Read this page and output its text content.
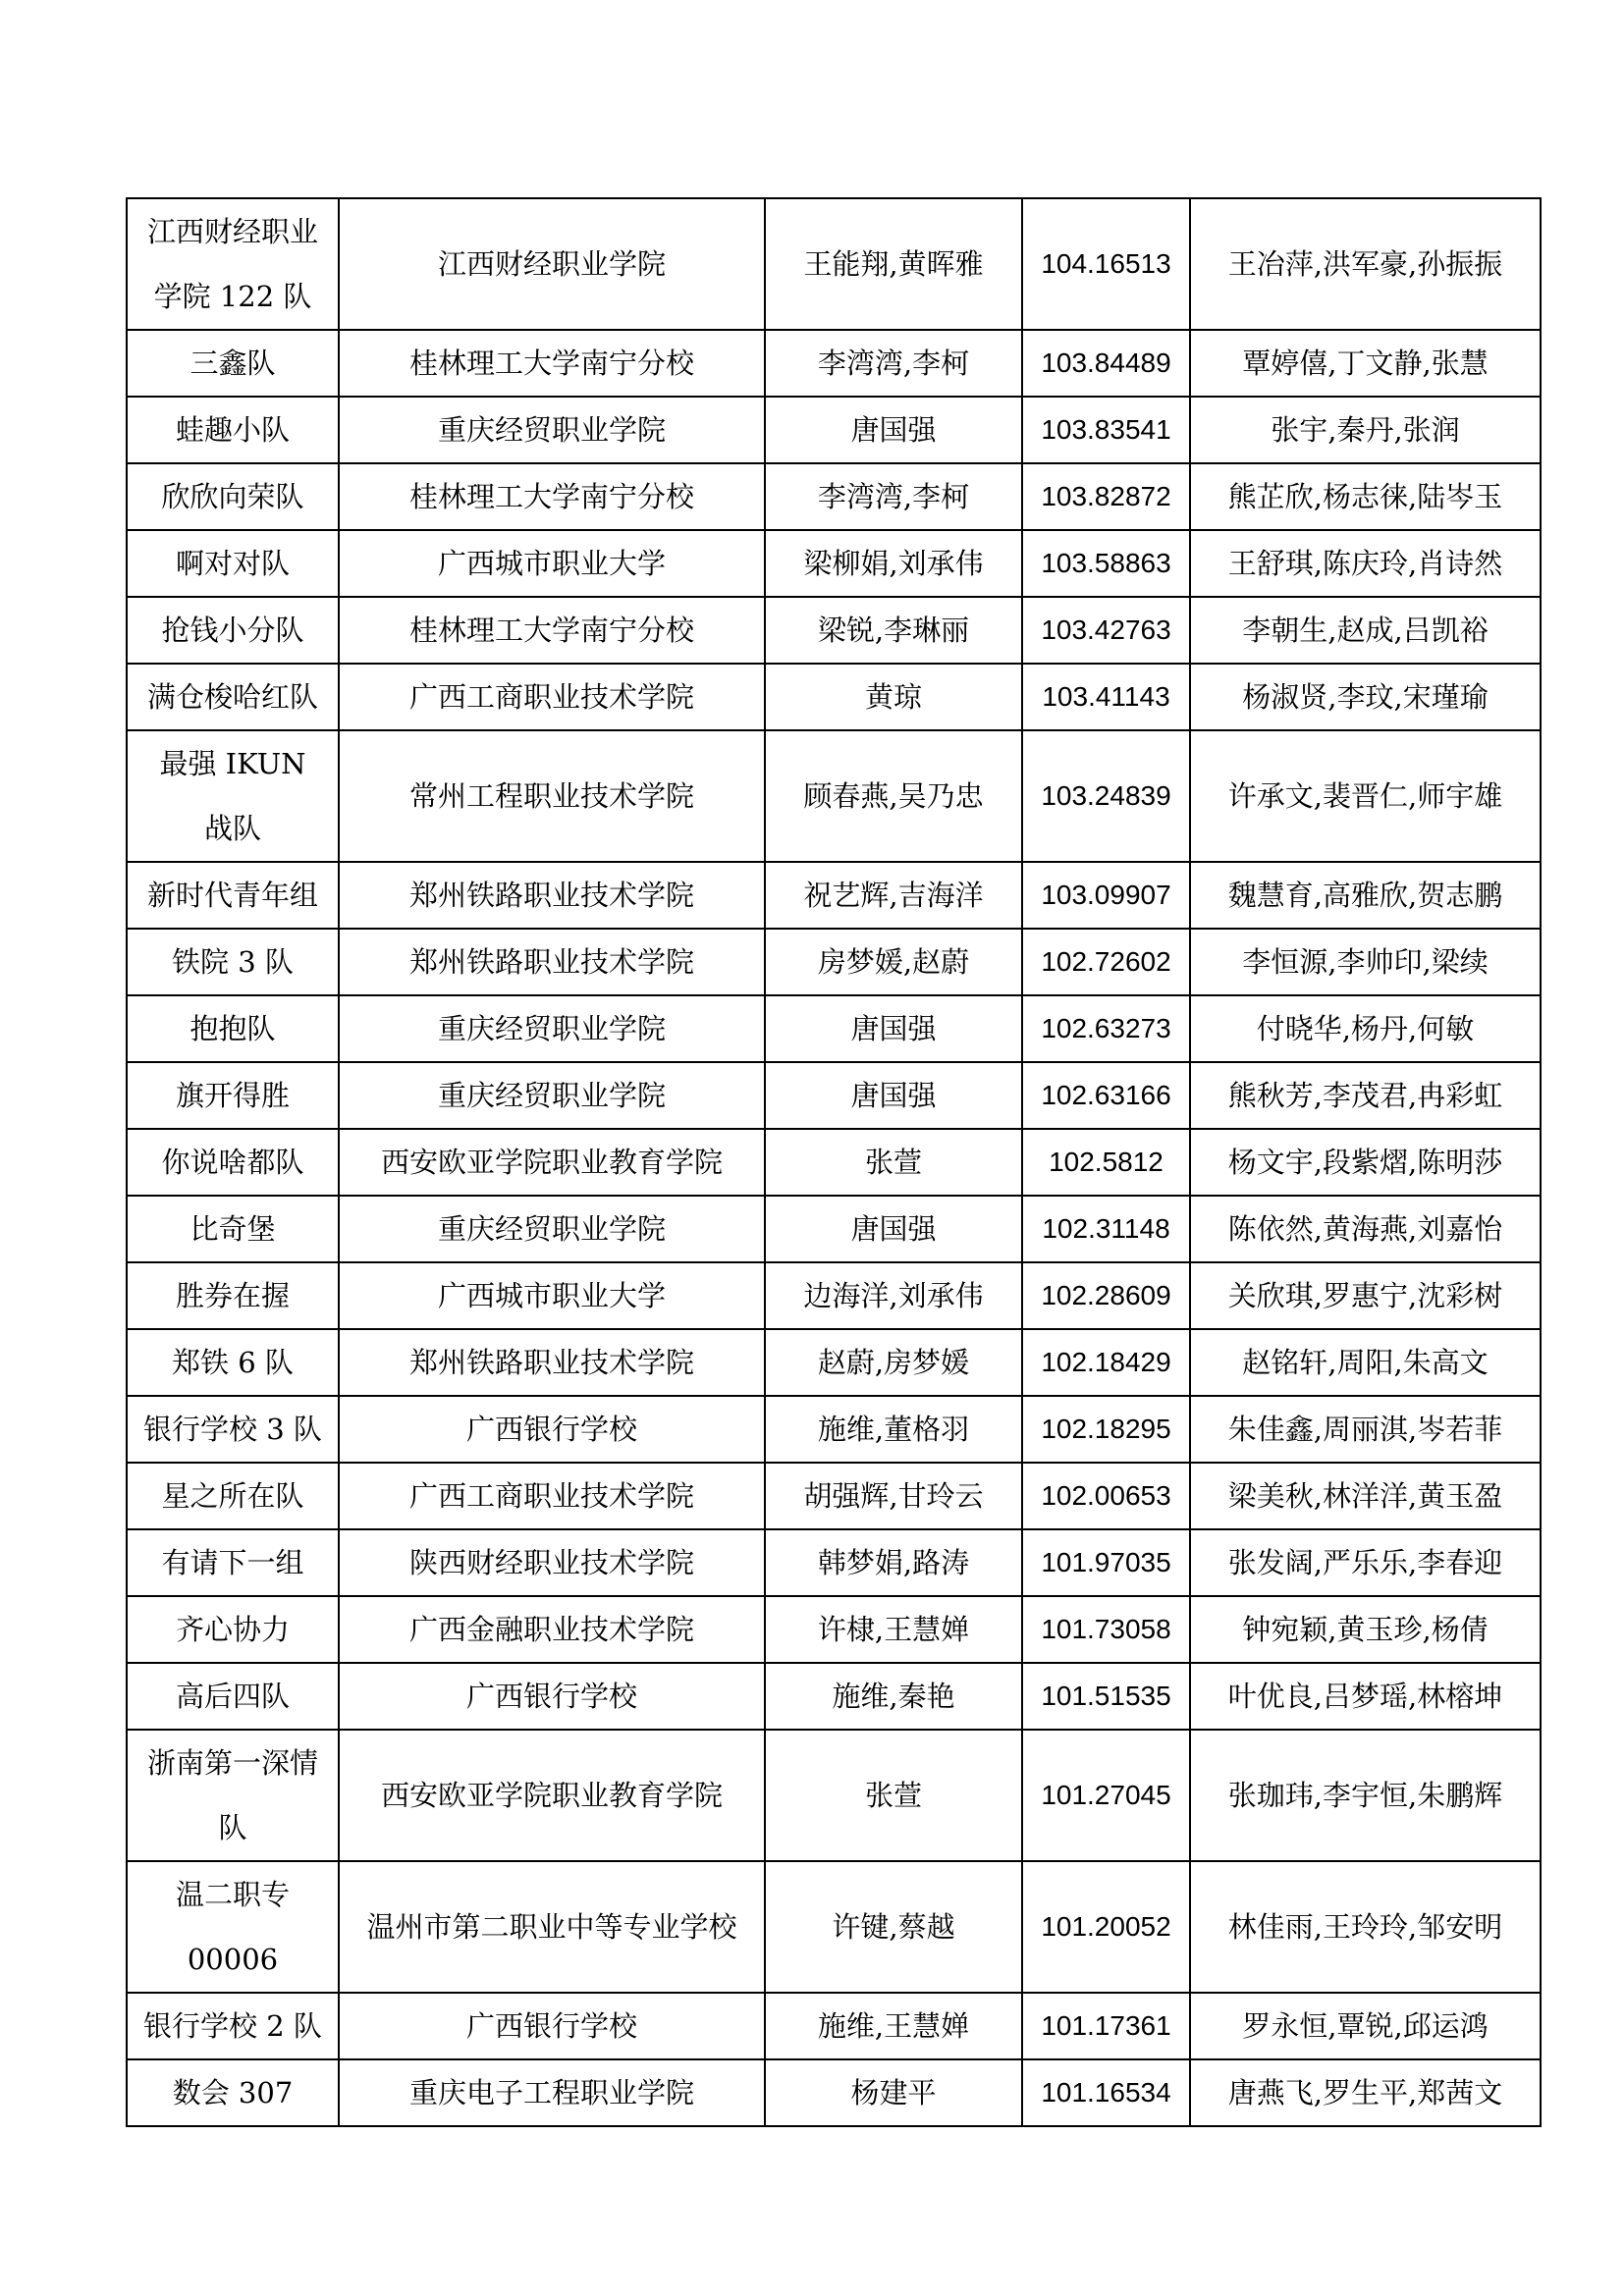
江西财经职业学院 122 队	江西财经职业学院	王能翔,黄晖雅	104.16513	王冶萍,洪军豪,孙振振
三鑫队	桂林理工大学南宁分校	李湾湾,李柯	103.84489	覃婷僖,丁文静,张慧
蛙趣小队	重庆经贸职业学院	唐国强	103.83541	张宇,秦丹,张润
欣欣向荣队	桂林理工大学南宁分校	李湾湾,李柯	103.82872	熊芷欣,杨志徕,陆岑玉
啊对对队	广西城市职业大学	梁柳娟,刘承伟	103.58863	王舒琪,陈庆玲,肖诗然
抢钱小分队	桂林理工大学南宁分校	梁锐,李琳丽	103.42763	李朝生,赵成,吕凯裕
满仓梭哈红队	广西工商职业技术学院	黄琼	103.41143	杨淑贤,李玟,宋瑾瑜
最强 IKUN 战队	常州工程职业技术学院	顾春燕,吴乃忠	103.24839	许承文,裴晋仁,师宇雄
新时代青年组	郑州铁路职业技术学院	祝艺辉,吉海洋	103.09907	魏慧育,高雅欣,贺志鹏
铁院 3 队	郑州铁路职业技术学院	房梦媛,赵蔚	102.72602	李恒源,李帅印,梁续
抱抱队	重庆经贸职业学院	唐国强	102.63273	付晓华,杨丹,何敏
旗开得胜	重庆经贸职业学院	唐国强	102.63166	熊秋芳,李茂君,冉彩虹
你说啥都队	西安欧亚学院职业教育学院	张萱	102.5812	杨文宇,段紫熠,陈明莎
比奇堡	重庆经贸职业学院	唐国强	102.31148	陈依然,黄海燕,刘嘉怡
胜券在握	广西城市职业大学	边海洋,刘承伟	102.28609	关欣琪,罗惠宁,沈彩树
郑铁 6 队	郑州铁路职业技术学院	赵蔚,房梦媛	102.18429	赵铭轩,周阳,朱高文
银行学校 3 队	广西银行学校	施维,董格羽	102.18295	朱佳鑫,周丽淇,岑若菲
星之所在队	广西工商职业技术学院	胡强辉,甘玲云	102.00653	梁美秋,林洋洋,黄玉盈
有请下一组	陕西财经职业技术学院	韩梦娟,路涛	101.97035	张发阔,严乐乐,李春迎
齐心协力	广西金融职业技术学院	许棣,王慧婵	101.73058	钟宛颖,黄玉珍,杨倩
高后四队	广西银行学校	施维,秦艳	101.51535	叶优良,吕梦瑶,林榕坤
浙南第一深情队	西安欧亚学院职业教育学院	张萱	101.27045	张珈玮,李宇恒,朱鹏辉
温二职专 00006	温州市第二职业中等专业学校	许键,蔡越	101.20052	林佳雨,王玲玲,邹安明
银行学校 2 队	广西银行学校	施维,王慧婵	101.17361	罗永恒,覃锐,邱运鸿
数会 307	重庆电子工程职业学院	杨建平	101.16534	唐燕飞,罗生平,郑茜文
